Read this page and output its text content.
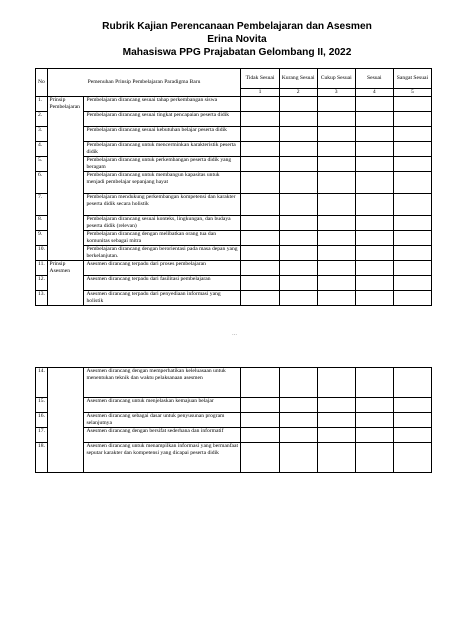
Rubrik Kajian Perencanaan Pembelajaran dan Asesmen
Erina Novita
Mahasiswa PPG Prajabatan Gelombang II, 2022
No	Pemenuhan Prinsip Pembelajaran Paradigma Baru		Tidak Sesuai	Kurang Sesuai	Cukup Sesuai	Sesuai	Sangat Sesuai
			1	2	3	4	5
1.	Prinsip Pembelajaran	Pembelajaran dirancang sesuai tahap perkembangan siswa					
2.		Pembelajaran dirancang sesuai tingkat pencapaian peserta didik					
3.		Pembelajaran dirancang sesuai kebutuhan belajar peserta didik					
4.		Pembelajaran dirancang untuk mencerminkan karakteristik peserta didik					
5.		Pembelajaran dirancang untuk perkembangan peserta didik yang beragam					
6.		Pembelajaran dirancang untuk membangun kapasitas untuk menjadi pembelajar sepanjang hayat					
7.		Pembelajaran mendukung perkembangan kompetensi dan karakter peserta didik secara holistik					
8.		Pembelajaran dirancang sesuai konteks, lingkungan, dan budaya peserta didik (relevan)					
9.		Pembelajaran dirancang dengan melibatkan orang tua dan komunitas sebagai mitra					
10.		Pembelajaran dirancang dengan berorientasi pada masa depan yang berkelanjutan.					
11.	Prinsip Asesmen	Asesmen dirancang terpadu dari proses pembelajaran					
12.		Asesmen dirancang terpadu dari fasilitasi pembelajaran					
13.		Asesmen dirancang terpadu dari penyediaan informasi yang holistik					
...
14.		Asesmen dirancang dengan memperhatikan keleluasaan untuk menentukan teknik dan waktu pelaksanaan asesmen					
15.		Asesmen dirancang untuk menjelaskan kemajuan belajar					
16.		Asesmen dirancang sebagai dasar untuk penyusunan program selanjutnya					
17.		Asesmen dirancang dengan bersifat sederhana dan informatif					
18.		Asesmen dirancang untuk menampilkan informasi yang bermanfaat seputar karakter dan kompetensi yang dicapai peserta didik					
